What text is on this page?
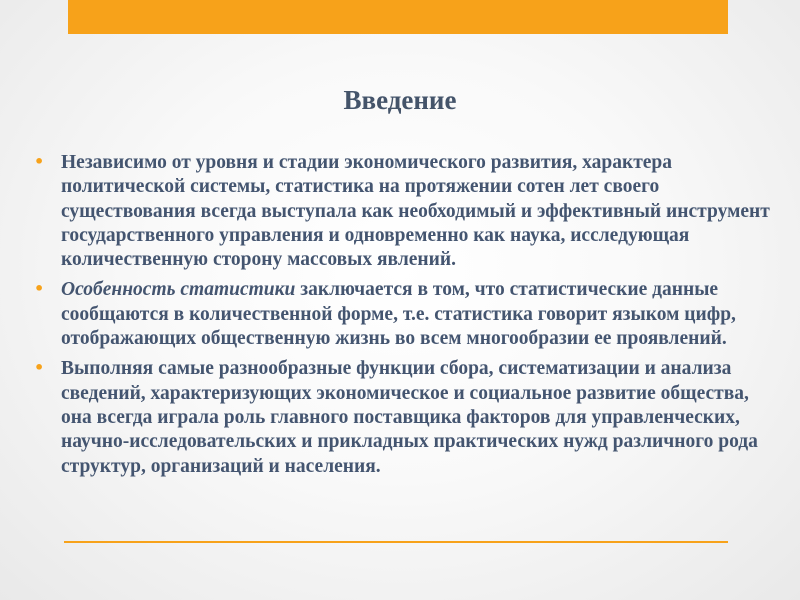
Введение
• Независимо от уровня и стадии экономического развития, характера политической системы, статистика на протяжении сотен лет своего существования всегда выступала как необходимый и эффективный инструмент государственного управления и одновременно как наука, исследующая количественную сторону массовых явлений.
• Особенность статистики заключается в том, что статистические данные сообщаются в количественной форме, т.е. статистика говорит языком цифр, отображающих общественную жизнь во всем многообразии ее проявлений.
• Выполняя самые разнообразные функции сбора, систематизации и анализа сведений, характеризующих экономическое и социальное развитие общества, она всегда играла роль главного поставщика факторов для управленческих, научно-исследовательских и прикладных практических нужд различного рода структур, организаций и населения.
